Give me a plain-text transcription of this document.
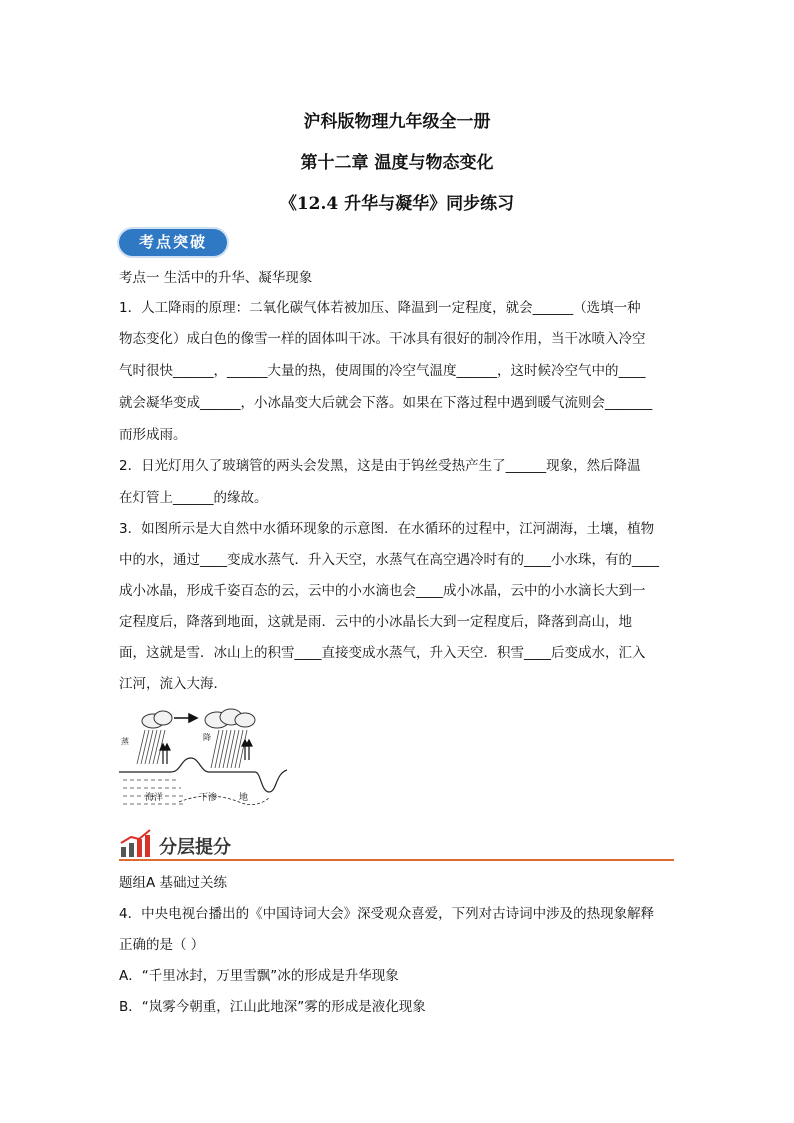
沪科版物理九年级全一册
第十二章 温度与物态变化
《12.4 升华与凝华》同步练习
考点突破
考点一 生活中的升华、凝华现象
1．人工降雨的原理：二氧化碳气体若被加压、降温到一定程度，就会______（选填一种
物态变化）成白色的像雪一样的固体叫干冰。干冰具有很好的制冷作用，当干冰喷入冷空
气时很快______，______大量的热，使周围的冷空气温度______，这时候冷空气中的____
就会凝华变成______，小冰晶变大后就会下落。如果在下落过程中遇到暖气流则会_______
而形成雨。
2．日光灯用久了玻璃管的两头会发黑，这是由于钨丝受热产生了______现象，然后降温
在灯管上______的缘故。
3．如图所示是大自然中水循环现象的示意图．在水循环的过程中，江河湖海，土壤，植物
中的水，通过____变成水蒸气．升入天空，水蒸气在高空遇冷时有的____小水珠，有的____
成小冰晶，形成千姿百态的云，云中的小水滴也会____成小冰晶，云中的小水滴长大到一
定程度后，降落到地面，这就是雨．云中的小冰晶长大到一定程度后，降落到高山，地
面，这就是雪．冰山上的积雪____直接变成水蒸气，升入天空．积雪____后变成水，汇入
江河，流入大海．
蒸	降
海洋	下渗 地
分层提分
题组A 基础过关练
4．中央电视台播出的《中国诗词大会》深受观众喜爱，下列对古诗词中涉及的热现象解释
正确的是（ ）
A．“千里冰封，万里雪飘”冰的形成是升华现象
B．“岚雾今朝重，江山此地深”雾的形成是液化现象
